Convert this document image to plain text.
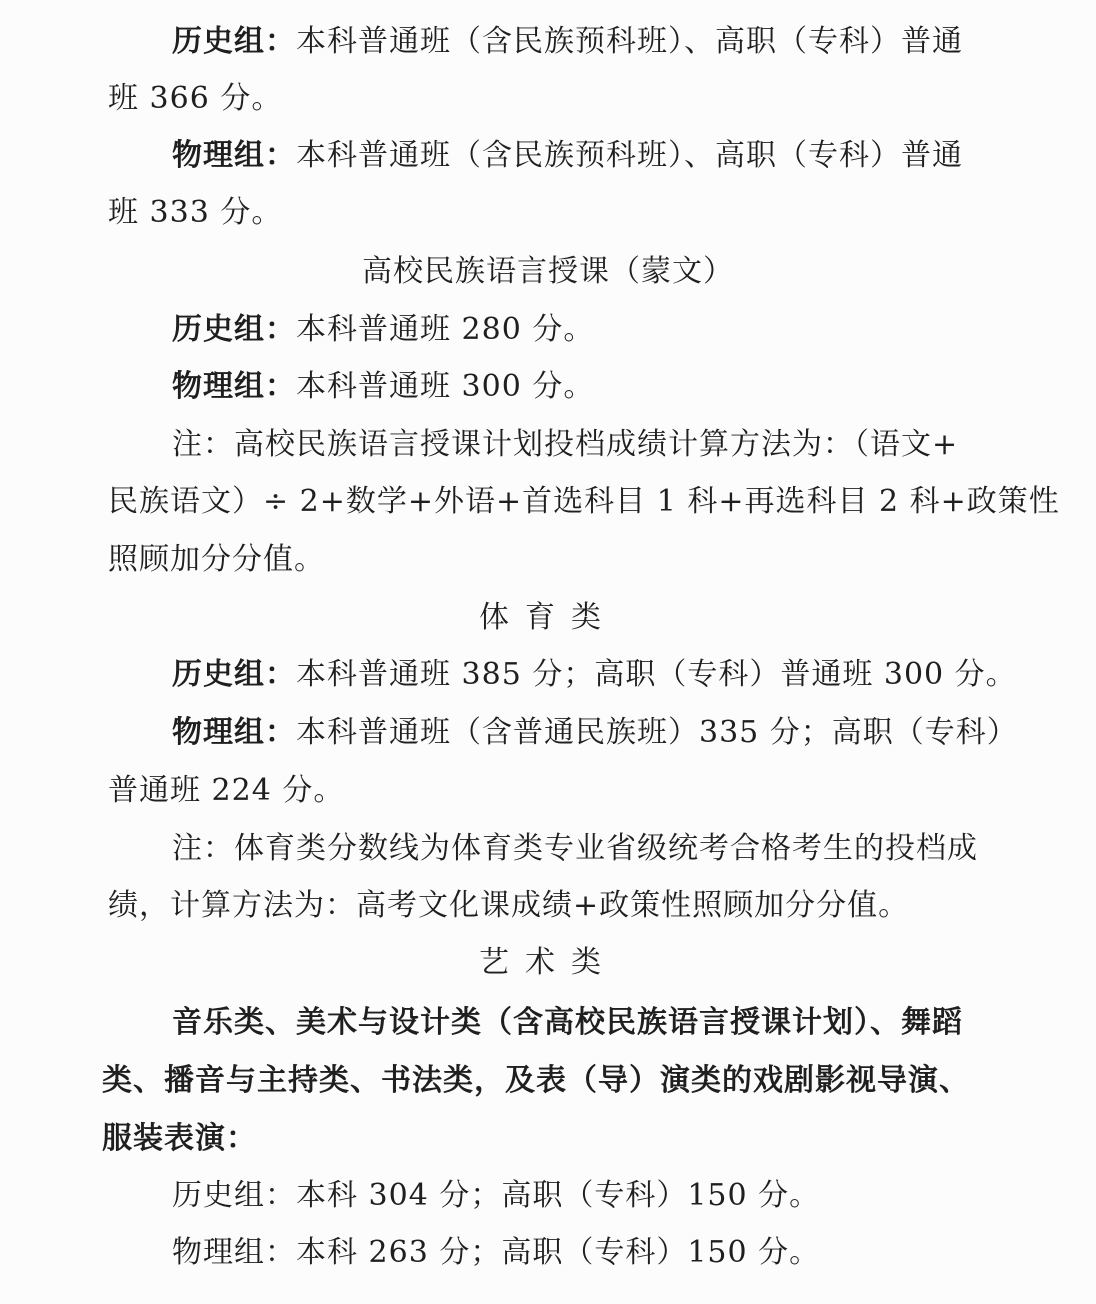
历史组：本科普通班（含民族预科班）、高职（专科）普通
班 366 分。
物理组：本科普通班（含民族预科班）、高职（专科）普通
班 333 分。
高校民族语言授课（蒙文）
历史组：本科普通班 280 分。
物理组：本科普通班 300 分。
注：高校民族语言授课计划投档成绩计算方法为：（语文+
民族语文）÷ 2+数学+外语+首选科目 1 科+再选科目 2 科+政策性
照顾加分分值。
体育类
历史组：本科普通班 385 分；高职（专科）普通班 300 分。
物理组：本科普通班（含普通民族班）335 分；高职（专科）
普通班 224 分。
注：体育类分数线为体育类专业省级统考合格考生的投档成
绩，计算方法为：高考文化课成绩+政策性照顾加分分值。
艺术类
音乐类、美术与设计类（含高校民族语言授课计划）、舞蹈
类、播音与主持类、书法类，及表（导）演类的戏剧影视导演、
服装表演：
历史组：本科 304 分；高职（专科）150 分。
物理组：本科 263 分；高职（专科）150 分。
